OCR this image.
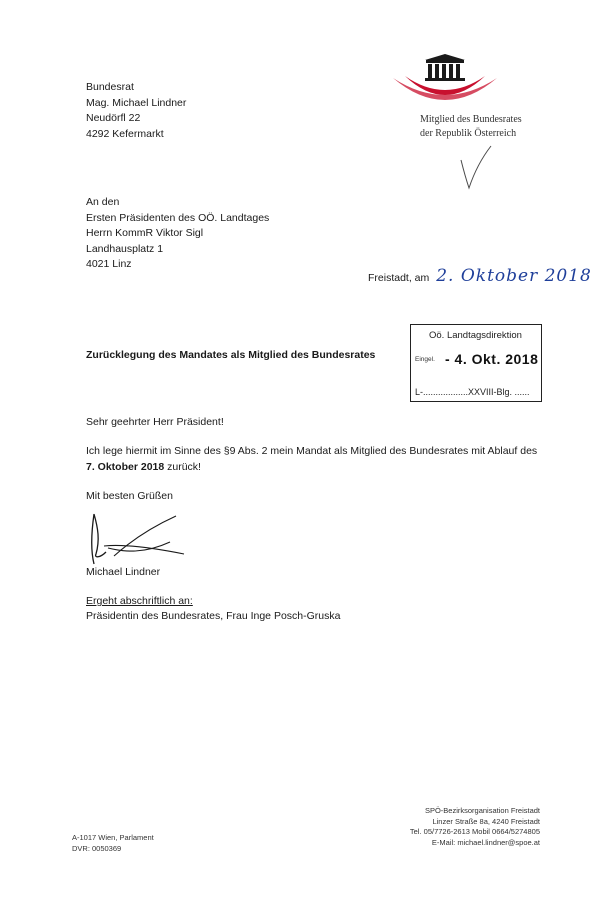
Bundesrat
Mag. Michael Lindner
Neudörfl 22
4292 Kefermarkt
Mitglied des Bundesrates
der Republik Österreich
An den
Ersten Präsidenten des OÖ. Landtages
Herrn KommR Viktor Sigl
Landhausplatz 1
4021 Linz
Freistadt, am 2. Oktober 2018
Oö. Landtagsdirektion
Eingel. - 4. Okt. 2018
L-..................XXVIII-Blg. ......
Zurücklegung des Mandates als Mitglied des Bundesrates
Sehr geehrter Herr Präsident!
Ich lege hiermit im Sinne des §9 Abs. 2 mein Mandat als Mitglied des Bundesrates mit Ablauf des 7. Oktober 2018 zurück!
Mit besten Grüßen
Michael Lindner
Ergeht abschriftlich an:
Präsidentin des Bundesrates, Frau Inge Posch-Gruska
A-1017 Wien, Parlament
DVR: 0050369
SPÖ-Bezirksorganisation Freistadt
Linzer Straße 8a, 4240 Freistadt
Tel. 05/7726-2613 Mobil 0664/5274805
E-Mail: michael.lindner@spoe.at
